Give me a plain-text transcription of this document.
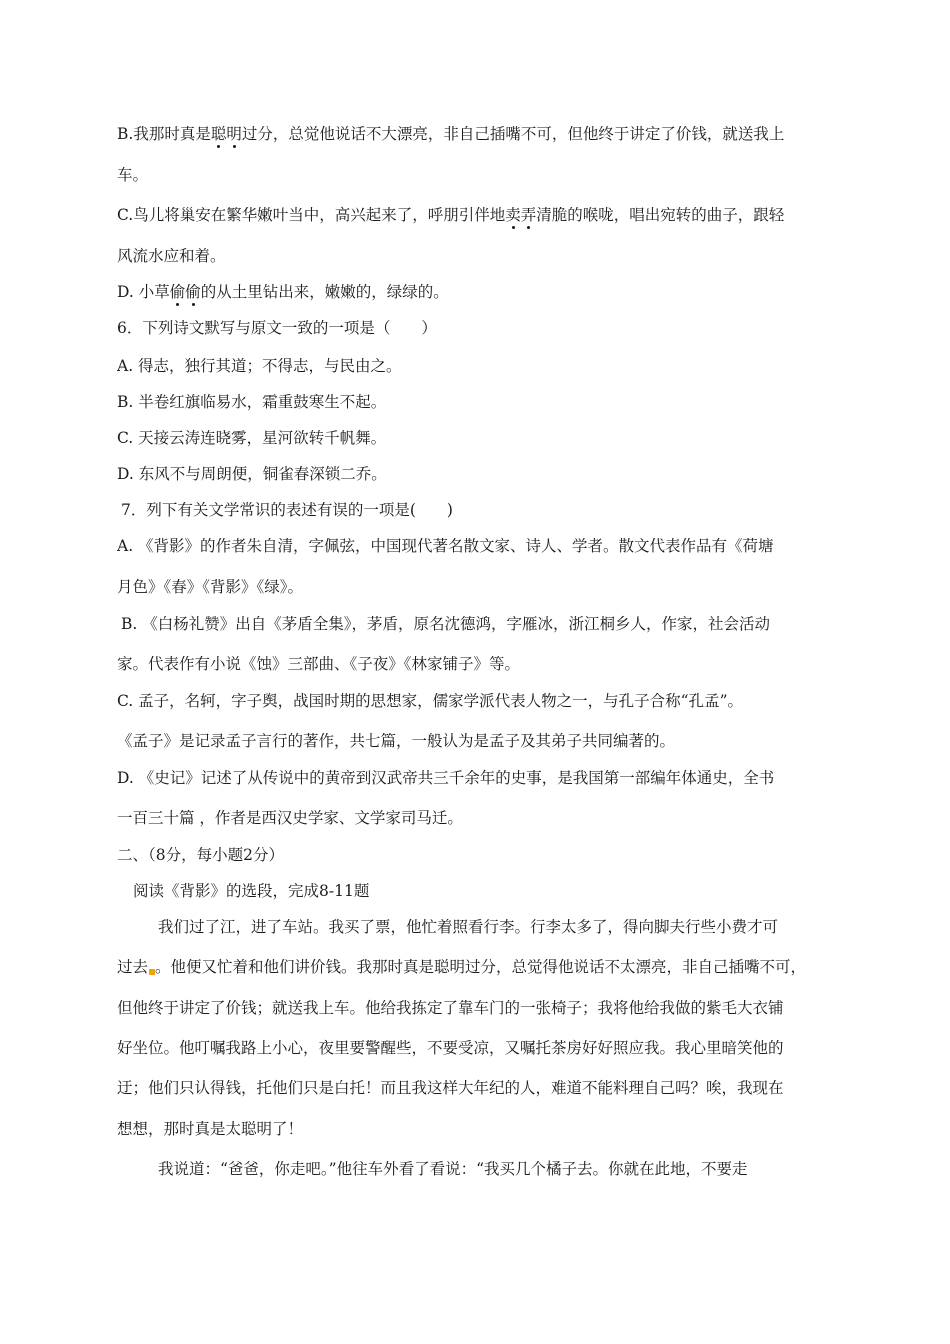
B.我那时真是聪明过分，总觉他说话不大漂亮，非自己插嘴不可，但他终于讲定了价钱，就送我上
车。
C.鸟儿将巢安在繁华嫩叶当中，高兴起来了，呼朋引伴地卖弄清脆的喉咙，唱出宛转的曲子，跟轻
风流水应和着。
D. 小草偷偷的从土里钻出来，嫩嫩的，绿绿的。
6．下列诗文默写与原文一致的一项是（　　）
A. 得志，独行其道；不得志，与民由之。
B. 半卷红旗临易水，霜重鼓寒生不起。
C. 天接云涛连晓雾，星河欲转千帆舞。
D. 东风不与周朗便，铜雀春深锁二乔。
7．列下有关文学常识的表述有误的一项是(　　)
A. 《背影》的作者朱自清，字佩弦，中国现代著名散文家、诗人、学者。散文代表作品有《荷塘
月色》《春》《背影》《绿》。
B. 《白杨礼赞》出自《茅盾全集》，茅盾，原名沈德鸿，字雁冰，浙江桐乡人，作家，社会活动
家。代表作有小说《蚀》三部曲、《子夜》《林家铺子》等。
C. 孟子，名轲，字子舆，战国时期的思想家，儒家学派代表人物之一，与孔子合称“孔孟”。
《孟子》是记录孟子言行的著作，共七篇，一般认为是孟子及其弟子共同编著的。
D. 《史记》记述了从传说中的黄帝到汉武帝共三千余年的史事，是我国第一部编年体通史，全书
一百三十篇 ，作者是西汉史学家、文学家司马迁。
二、（8分，每小题2分）
阅读《背影》的选段，完成8-11题
我们过了江，进了车站。我买了票，他忙着照看行李。行李太多了，得向脚夫行些小费才可
过去 。他便又忙着和他们讲价钱。我那时真是聪明过分，总觉得他说话不太漂亮，非自己插嘴不可，
但他终于讲定了价钱；就送我上车。他给我拣定了靠车门的一张椅子；我将他给我做的紫毛大衣铺
好坐位。他叮嘱我路上小心，夜里要警醒些，不要受凉，又嘱托茶房好好照应我。我心里暗笑他的
迂；他们只认得钱，托他们只是白托！而且我这样大年纪的人，难道不能料理自己吗？唉，我现在
想想，那时真是太聪明了！
我说道：“爸爸，你走吧。”他往车外看了看说：“我买几个橘子去。你就在此地，不要走
